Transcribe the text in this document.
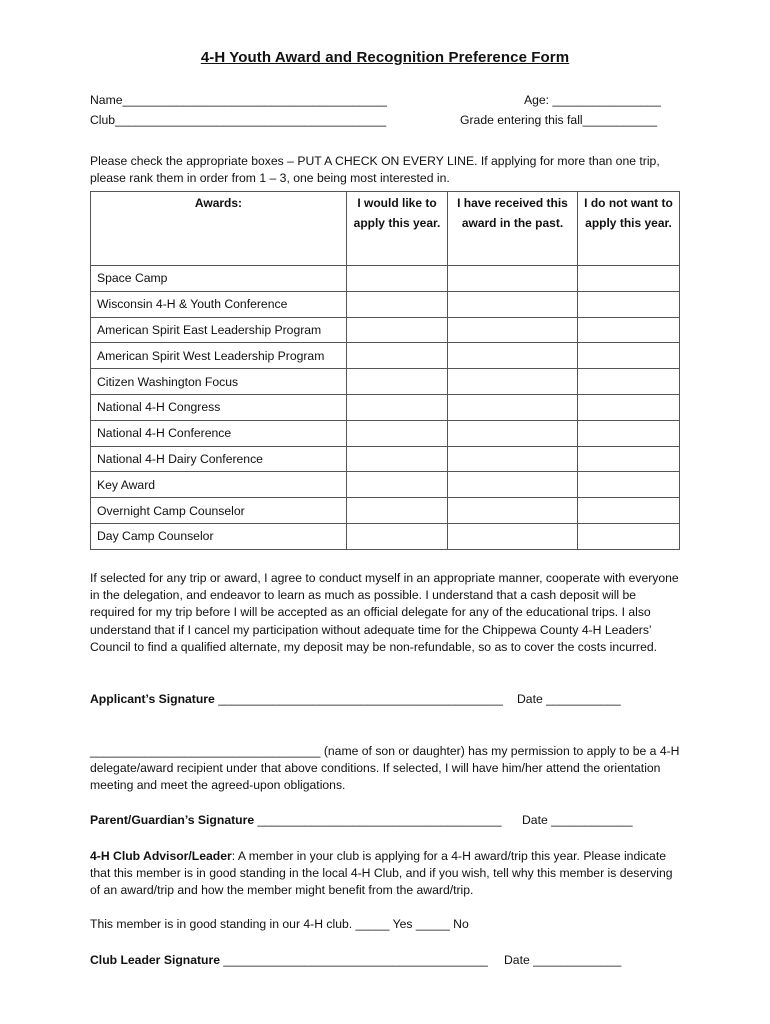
4-H Youth Award and Recognition Preference Form
Name_______________________________________	Age: ________________
Club________________________________________	Grade entering this fall___________
Please check the appropriate boxes – PUT A CHECK ON EVERY LINE. If applying for more than one trip, please rank them in order from 1 – 3, one being most interested in.
Awards:	I would like to apply this year.	I have received this award in the past.	I do not want to apply this year.
Space Camp			
Wisconsin 4-H & Youth Conference			
American Spirit East Leadership Program			
American Spirit West Leadership Program			
Citizen Washington Focus			
National 4-H Congress			
National 4-H Conference			
National 4-H Dairy Conference			
Key Award			
Overnight Camp Counselor			
Day Camp Counselor			
If selected for any trip or award, I agree to conduct myself in an appropriate manner, cooperate with everyone in the delegation, and endeavor to learn as much as possible. I understand that a cash deposit will be required for my trip before I will be accepted as an official delegate for any of the educational trips. I also understand that if I cancel my participation without adequate time for the Chippewa County 4-H Leaders’ Council to find a qualified alternate, my deposit may be non-refundable, so as to cover the costs incurred.
Applicant’s Signature __________________________________________ Date ___________
__________________________________ (name of son or daughter) has my permission to apply to be a 4-H delegate/award recipient under that above conditions. If selected, I will have him/her attend the orientation meeting and meet the agreed-upon obligations.
Parent/Guardian’s Signature ____________________________________ Date ____________
4-H Club Advisor/Leader: A member in your club is applying for a 4-H award/trip this year. Please indicate that this member is in good standing in the local 4-H Club, and if you wish, tell why this member is deserving of an award/trip and how the member might benefit from the award/trip.
This member is in good standing in our 4-H club. _____ Yes _____ No
Club Leader Signature _______________________________________ Date _____________
